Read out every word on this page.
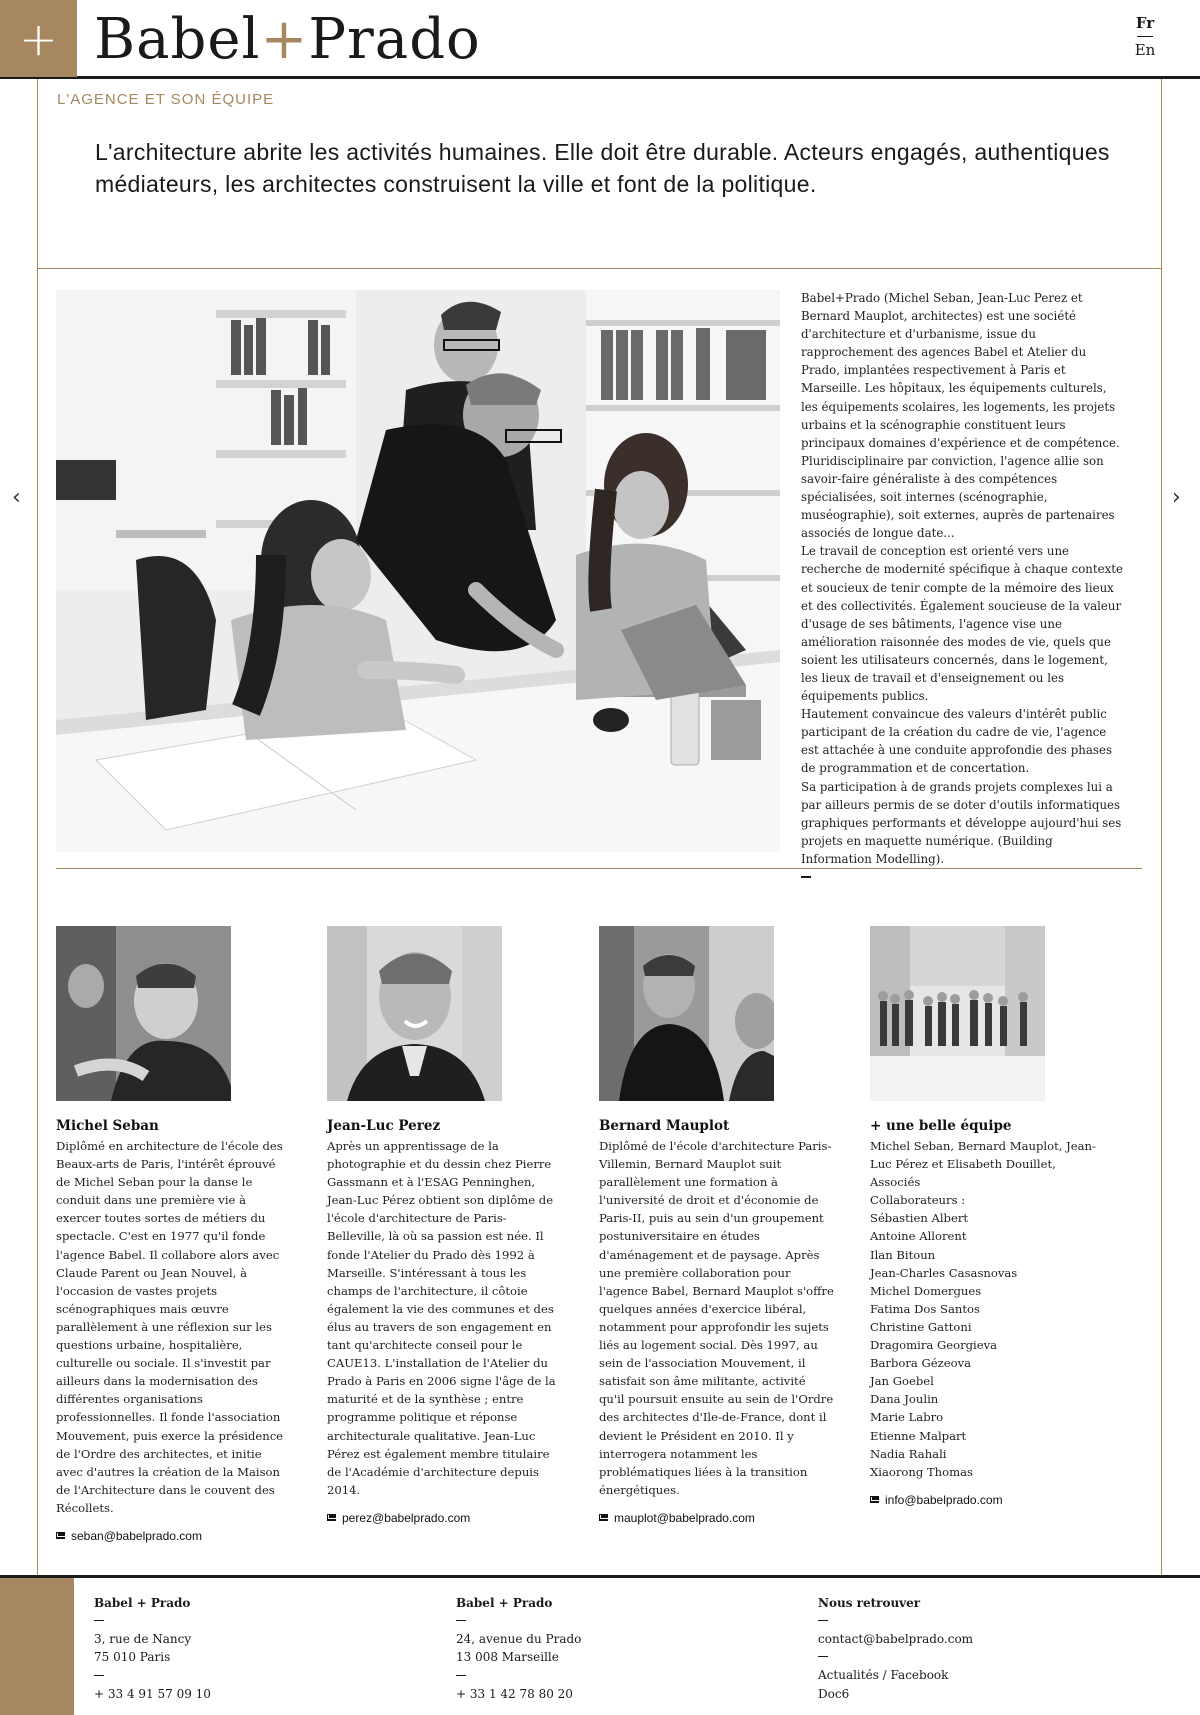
+ Babel+Prado	Fr
En
L'AGENCE ET SON ÉQUIPE
L'architecture abrite les activités humaines. Elle doit être durable. Acteurs engagés, authentiques médiateurs, les architectes construisent la ville et font de la politique.
‹	›

Babel+Prado (Michel Seban, Jean-Luc Perez et Bernard Mauplot, architectes) est une société d'architecture et d'urbanisme, issue du rapprochement des agences Babel et Atelier du Prado, implantées respectivement à Paris et Marseille. Les hôpitaux, les équipements culturels, les équipements scolaires, les logements, les projets urbains et la scénographie constituent leurs principaux domaines d'expérience et de compétence.

Pluridisciplinaire par conviction, l'agence allie son savoir-faire généraliste à des compétences spécialisées, soit internes (scénographie, muséographie), soit externes, auprès de partenaires associés de longue date...

Le travail de conception est orienté vers une recherche de modernité spécifique à chaque contexte et soucieux de tenir compte de la mémoire des lieux et des collectivités. Également soucieuse de la valeur d'usage de ses bâtiments, l'agence vise une amélioration raisonnée des modes de vie, quels que soient les utilisateurs concernés, dans le logement, les lieux de travail et d'enseignement ou les équipements publics.

Hautement convaincue des valeurs d'intérêt public participant de la création du cadre de vie, l'agence est attachée à une conduite approfondie des phases de programmation et de concertation.

Sa participation à de grands projets complexes lui a par ailleurs permis de se doter d'outils informatiques graphiques performants et développe aujourd'hui ses projets en maquette numérique. (Building Information Modelling).

Michel Seban
Diplômé en architecture de l'école des Beaux-arts de Paris, l'intérêt éprouvé de Michel Seban pour la danse le conduit dans une première vie à exercer toutes sortes de métiers du spectacle. C'est en 1977 qu'il fonde l'agence Babel. Il collabore alors avec Claude Parent ou Jean Nouvel, à l'occasion de vastes projets scénographiques mais œuvre parallèlement à une réflexion sur les questions urbaine, hospitalière, culturelle ou sociale. Il s'investit par ailleurs dans la modernisation des différentes organisations professionnelles. Il fonde l'association Mouvement, puis exerce la présidence de l'Ordre des architectes, et initie avec d'autres la création de la Maison de l'Architecture dans le couvent des Récollets.
seban@babelprado.com
Jean-Luc Perez
Après un apprentissage de la photographie et du dessin chez Pierre Gassmann et à l'ESAG Penninghen, Jean-Luc Pérez obtient son diplôme de l'école d'architecture de Paris-Belleville, là où sa passion est née. Il fonde l'Atelier du Prado dès 1992 à Marseille. S'intéressant à tous les champs de l'architecture, il côtoie également la vie des communes et des élus au travers de son engagement en tant qu'architecte conseil pour le CAUE13. L'installation de l'Atelier du Prado à Paris en 2006 signe l'âge de la maturité et de la synthèse ; entre programme politique et réponse architecturale qualitative. Jean-Luc Pérez est également membre titulaire de l'Académie d'architecture depuis 2014.
perez@babelprado.com
Bernard Mauplot
Diplômé de l'école d'architecture Paris-Villemin, Bernard Mauplot suit parallèlement une formation à l'université de droit et d'économie de Paris-II, puis au sein d'un groupement postuniversitaire en études d'aménagement et de paysage. Après une première collaboration pour l'agence Babel, Bernard Mauplot s'offre quelques années d'exercice libéral, notamment pour approfondir les sujets liés au logement social. Dès 1997, au sein de l'association Mouvement, il satisfait son âme militante, activité qu'il poursuit ensuite au sein de l'Ordre des architectes d'Ile-de-France, dont il devient le Président en 2010. Il y interrogera notamment les problématiques liées à la transition énergétiques.
mauplot@babelprado.com
+ une belle équipe
Michel Seban, Bernard Mauplot, Jean-Luc Pérez et Elisabeth Douillet, Associés
Collaborateurs :
Sébastien Albert
Antoine Allorent
Ilan Bitoun
Jean-Charles Casasnovas
Michel Domergues
Fatima Dos Santos
Christine Gattoni
Dragomira Georgieva
Barbora Gézeova
Jan Goebel
Dana Joulin
Marie Labro
Etienne Malpart
Nadia Rahali
Xiaorong Thomas
info@babelprado.com
Babel + Prado
3, rue de Nancy
75 010 Paris
+ 33 4 91 57 09 10
Babel + Prado
24, avenue du Prado
13 008 Marseille
+ 33 1 42 78 80 20
Nous retrouver
contact@babelprado.com
Actualités / Facebook
Doc6
